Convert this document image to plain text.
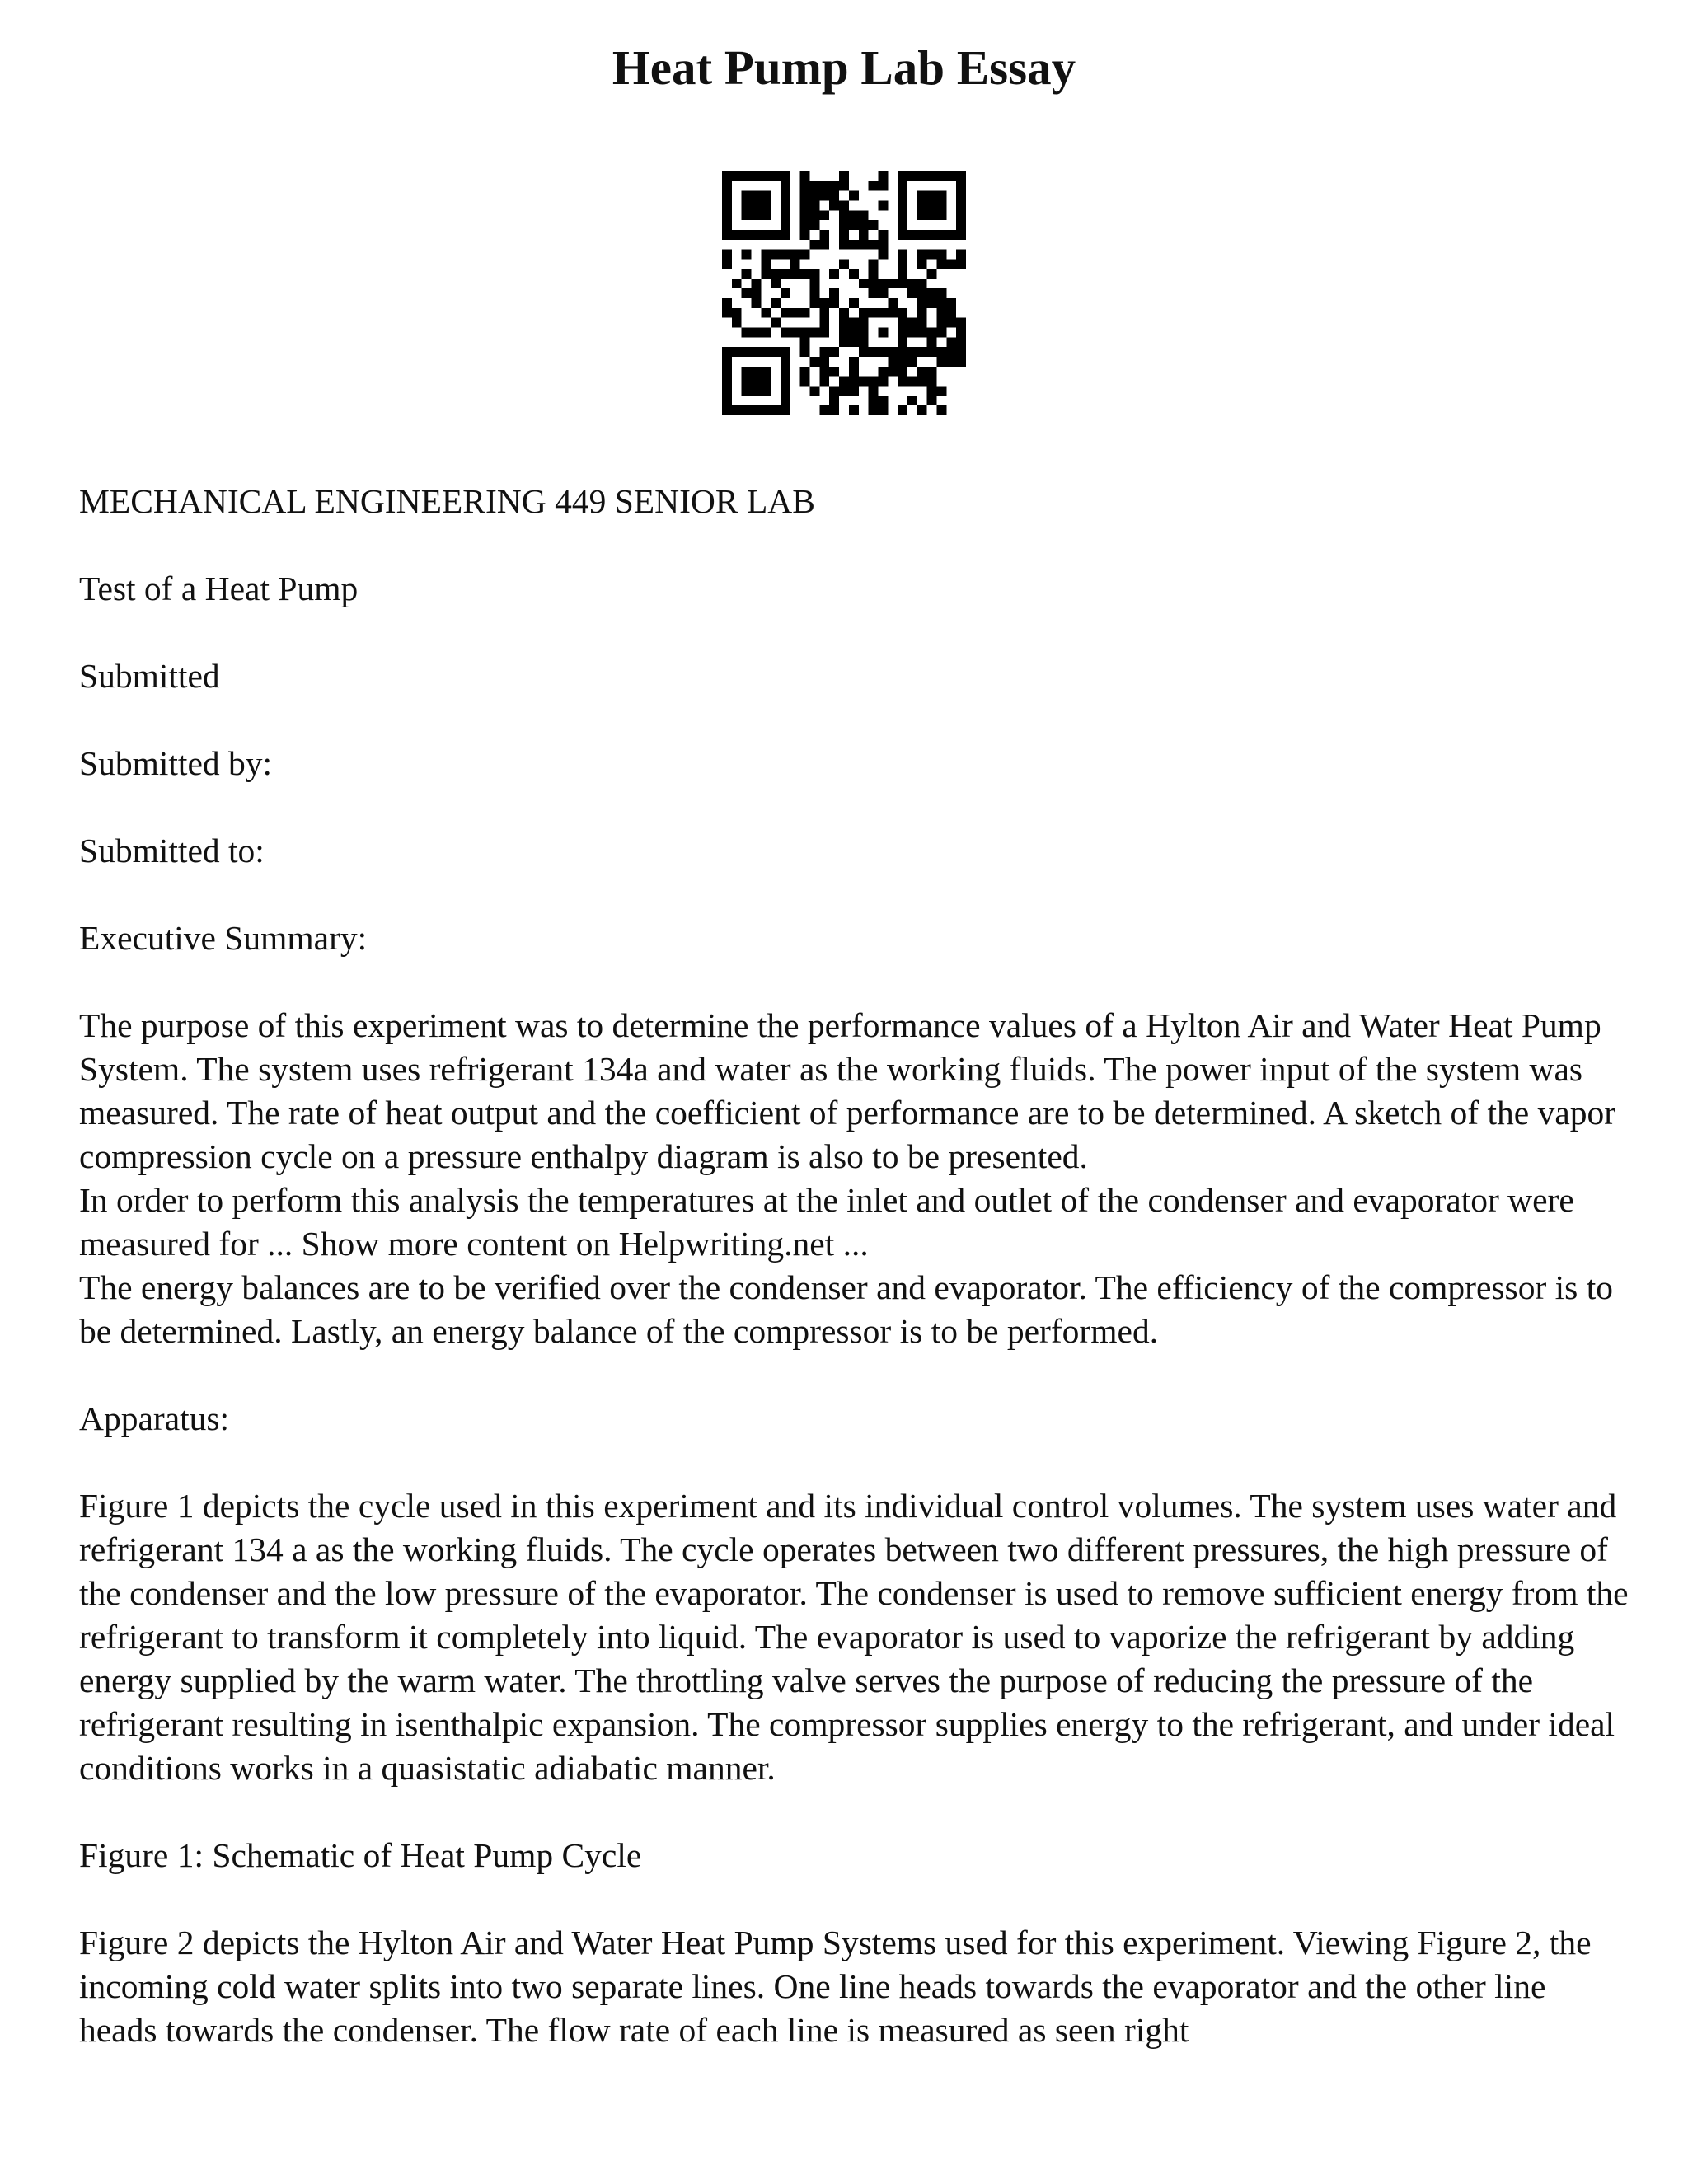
Heat Pump Lab Essay

MECHANICAL ENGINEERING 449 SENIOR LAB

Test of a Heat Pump

Submitted

Submitted by:

Submitted to:

Executive Summary:

The purpose of this experiment was to determine the performance values of a Hylton Air and Water Heat Pump System. The system uses refrigerant 134a and water as the working fluids. The power input of the system was measured. The rate of heat output and the coefficient of performance are to be determined. A sketch of the vapor compression cycle on a pressure enthalpy diagram is also to be presented.

In order to perform this analysis the temperatures at the inlet and outlet of the condenser and evaporator were measured for ... Show more content on Helpwriting.net ...

The energy balances are to be verified over the condenser and evaporator. The efficiency of the compressor is to be determined. Lastly, an energy balance of the compressor is to be performed.

Apparatus:

Figure 1 depicts the cycle used in this experiment and its individual control volumes. The system uses water and refrigerant 134 a as the working fluids. The cycle operates between two different pressures, the high pressure of the condenser and the low pressure of the evaporator. The condenser is used to remove sufficient energy from the refrigerant to transform it completely into liquid. The evaporator is used to vaporize the refrigerant by adding energy supplied by the warm water. The throttling valve serves the purpose of reducing the pressure of the refrigerant resulting in isenthalpic expansion. The compressor supplies energy to the refrigerant, and under ideal conditions works in a quasistatic adiabatic manner.

Figure 1: Schematic of Heat Pump Cycle

Figure 2 depicts the Hylton Air and Water Heat Pump Systems used for this experiment. Viewing Figure 2, the incoming cold water splits into two separate lines. One line heads towards the evaporator and the other line heads towards the condenser. The flow rate of each line is measured as seen right
